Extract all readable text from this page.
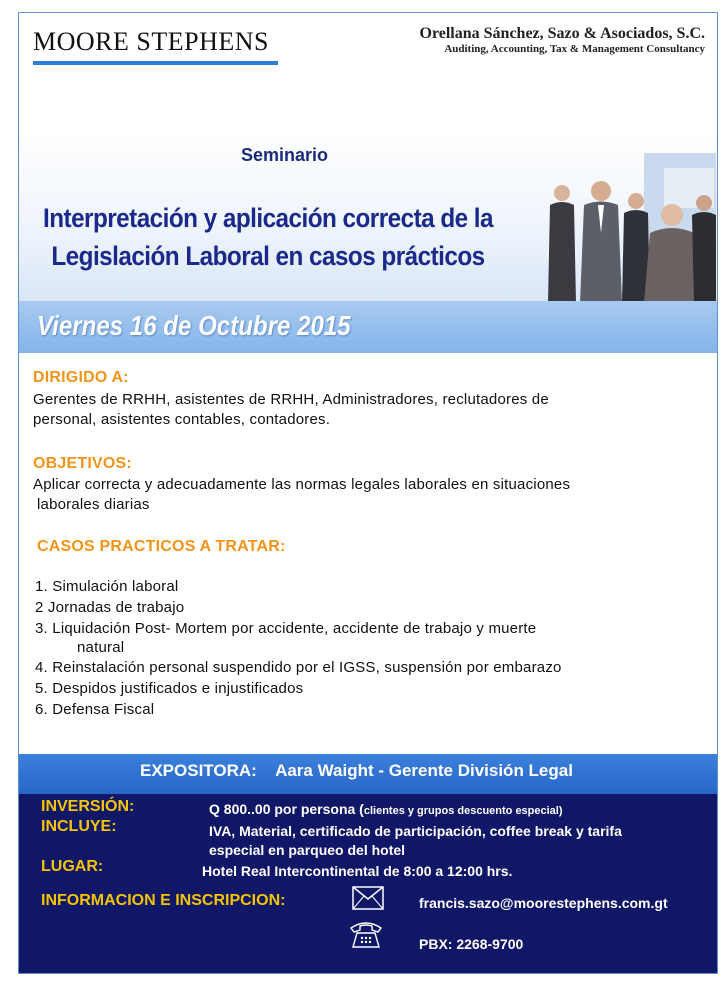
MOORE STEPHENS	Orellana Sánchez, Sazo & Asociados, S.C.
Auditing, Accounting, Tax & Management Consultancy
Seminario
Interpretación y aplicación correcta de la
Legislación Laboral en casos prácticos
Viernes 16 de Octubre 2015
DIRIGIDO A:
Gerentes de RRHH, asistentes de RRHH, Administradores, reclutadores de
personal, asistentes contables, contadores.
OBJETIVOS:
Aplicar correcta y adecuadamente las normas legales laborales en situaciones
laborales diarias
CASOS PRACTICOS A TRATAR:
1. Simulación laboral
2 Jornadas de trabajo
3. Liquidación Post- Mortem por accidente, accidente de trabajo y muerte
natural
4. Reinstalación personal suspendido por el IGSS, suspensión por embarazo
5. Despidos justificados e injustificados
6. Defensa Fiscal
EXPOSITORA:    Aara Waight - Gerente División Legal
INVERSIÓN:	Q 800..00 por persona (clientes y grupos descuento especial)
INCLUYE:	IVA, Material, certificado de participación, coffee break y tarifa
especial en parqueo del hotel
LUGAR:	Hotel Real Intercontinental de 8:00 a 12:00 hrs.
INFORMACION E INSCRIPCION:	francis.sazo@moorestephens.com.gt
PBX: 2268-9700
